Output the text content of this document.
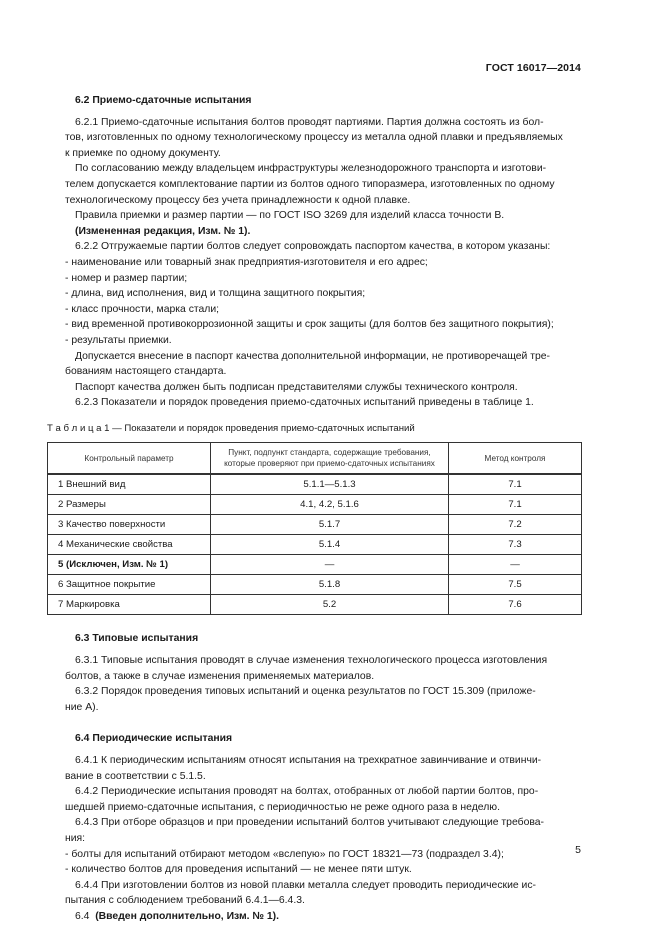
ГОСТ 16017—2014
6.2 Приемо-сдаточные испытания
6.2.1 Приемо-сдаточные испытания болтов проводят партиями. Партия должна состоять из бол-
тов, изготовленных по одному технологическому процессу из металла одной плавки и предъявляемых
к приемке по одному документу.
По согласованию между владельцем инфраструктуры железнодорожного транспорта и изготови-
телем допускается комплектование партии из болтов одного типоразмера, изготовленных по одному
технологическому процессу без учета принадлежности к одной плавке.
Правила приемки и размер партии — по ГОСТ ISO 3269 для изделий класса точности В.
(Измененная редакция, Изм. № 1).
6.2.2 Отгружаемые партии болтов следует сопровождать паспортом качества, в котором указаны:
- наименование или товарный знак предприятия-изготовителя и его адрес;
- номер и размер партии;
- длина, вид исполнения, вид и толщина защитного покрытия;
- класс прочности, марка стали;
- вид временной противокоррозионной защиты и срок защиты (для болтов без защитного покрытия);
- результаты приемки.
Допускается внесение в паспорт качества дополнительной информации, не противоречащей тре-
бованиям настоящего стандарта.
Паспорт качества должен быть подписан представителями службы технического контроля.
6.2.3 Показатели и порядок проведения приемо-сдаточных испытаний приведены в таблице 1.
Т а б л и ц а 1 — Показатели и порядок проведения приемо-сдаточных испытаний
Контрольный параметр	Пункт, подпункт стандарта, содержащие требования, которые проверяют при приемо-сдаточных испытаниях	Метод контроля
1 Внешний вид	5.1.1—5.1.3	7.1
2 Размеры	4.1, 4.2, 5.1.6	7.1
3 Качество поверхности	5.1.7	7.2
4 Механические свойства	5.1.4	7.3
5 (Исключен, Изм. № 1)	—	—
6 Защитное покрытие	5.1.8	7.5
7 Маркировка	5.2	7.6
6.3 Типовые испытания
6.3.1 Типовые испытания проводят в случае изменения технологического процесса изготовления
болтов, а также в случае изменения применяемых материалов.
6.3.2 Порядок проведения типовых испытаний и оценка результатов по ГОСТ 15.309 (приложе-
ние А).
6.4 Периодические испытания
6.4.1 К периодическим испытаниям относят испытания на трехкратное завинчивание и отвинчи-
вание в соответствии с 5.1.5.
6.4.2 Периодические испытания проводят на болтах, отобранных от любой партии болтов, про-
шедшей приемо-сдаточные испытания, с периодичностью не реже одного раза в неделю.
6.4.3 При отборе образцов и при проведении испытаний болтов учитывают следующие требова-
ния:
- болты для испытаний отбирают методом «вслепую» по ГОСТ 18321—73 (подраздел 3.4);
- количество болтов для проведения испытаний — не менее пяти штук.
6.4.4 При изготовлении болтов из новой плавки металла следует проводить периодические ис-
пытания с соблюдением требований 6.4.1—6.4.3.
6.4  (Введен дополнительно, Изм. № 1).
5
